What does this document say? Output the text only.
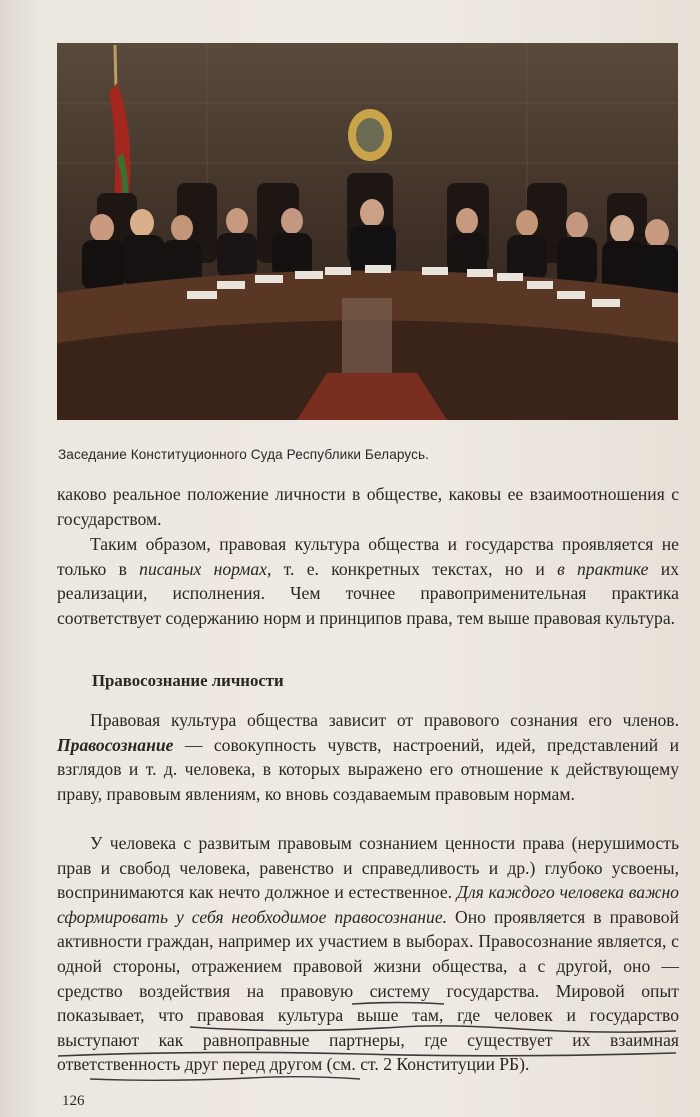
Заседание Конституционного Суда Республики Беларусь.

каково реальное положение личности в обществе, каковы ее взаимоотношения с государством.

Таким образом, правовая культура общества и государства проявляется не только в писаных нормах, т. е. конкретных текстах, но и в практике их реализации, исполнения. Чем точнее правоприменительная практика соответствует содержанию норм и принципов права, тем выше правовая культура.

Правосознание личности

Правовая культура общества зависит от правового сознания его членов. Правосознание — совокупность чувств, настроений, идей, представлений и взглядов и т. д. человека, в которых выражено его отношение к действующему праву, правовым явлениям, ко вновь создаваемым правовым нормам.

У человека с развитым правовым сознанием ценности права (нерушимость прав и свобод человека, равенство и справедливость и др.) глубоко усвоены, воспринимаются как нечто должное и естественное. Для каждого человека важно сформировать у себя необходимое правосознание. Оно проявляется в правовой активности граждан, например их участием в выборах. Правосознание является, с одной стороны, отражением правовой жизни общества, а с другой, оно — средство воздействия на правовую систему государства. Мировой опыт показывает, что правовая культура выше там, где человек и государство выступают как равноправные партнеры, где существует их взаимная ответственность друг перед другом (см. ст. 2 Конституции РБ).

126
